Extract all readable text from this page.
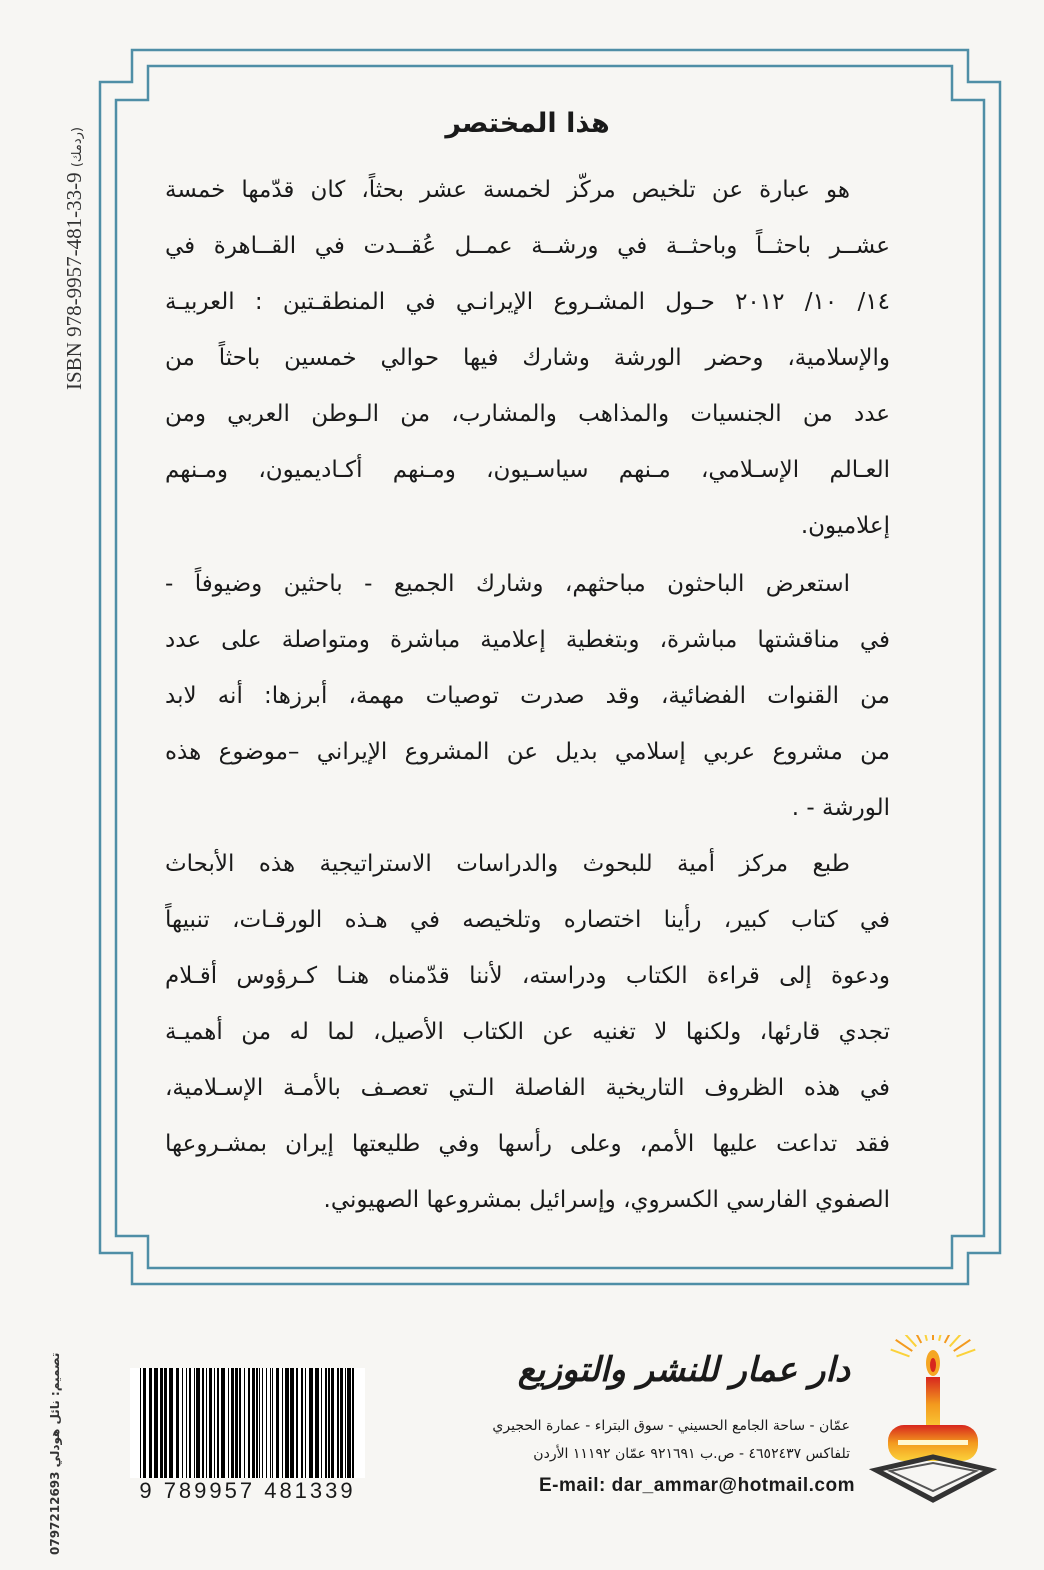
ISBN 978-9957-481-33-9 (ردمك)	هذا المختصر
هو عبارة عن تلخيص مركّز لخمسة عشر بحثاً، كان قدّمها خمسة
عشــر باحثــاً وباحثــة في ورشــة عمــل عُقــدت في القــاهرة في
١٤/ ١٠/ ٢٠١٢ حـول المشـروع الإيرانـي في المنطقـتين : العربيـة
والإسلامية، وحضر الورشة وشارك فيها حوالي خمسين باحثاً من
عدد من الجنسيات والمذاهب والمشارب، من الـوطن العربي ومن
العـالم الإسـلامي، مـنهم سياسـيون، ومـنهم أكـاديميون، ومـنهم
إعلاميون.
استعرض الباحثون مباحثهم، وشارك الجميع - باحثين وضيوفاً -
في مناقشتها مباشرة، وبتغطية إعلامية مباشرة ومتواصلة على عدد
من القنوات الفضائية، وقد صدرت توصيات مهمة، أبرزها: أنه لابد
من مشروع عربي إسلامي بديل عن المشروع الإيراني –موضوع هذه
الورشة - .
طبع مركز أمية للبحوث والدراسات الاستراتيجية هذه الأبحاث
في كتاب كبير، رأينا اختصاره وتلخيصه في هـذه الورقـات، تنبيهاً
ودعوة إلى قراءة الكتاب ودراسته، لأننا قدّمناه هنـا كـرؤوس أقـلام
تجدي قارئها، ولكنها لا تغنيه عن الكتاب الأصيل، لما له من أهميـة
في هذه الظروف التاريخية الفاصلة الـتي تعصـف بالأمـة الإسـلامية،
فقد تداعت عليها الأمم، وعلى رأسها وفي طليعتها إيران بمشـروعها
الصفوي الفارسي الكسروي، وإسرائيل بمشروعها الصهيوني.
تصميم: نائل هودلي 0797212693
9 789957 481339
دار عمار للنشر والتوزيع
عمّان - ساحة الجامع الحسيني - سوق البتراء - عمارة الحجيري
تلفاكس ٤٦٥٢٤٣٧ - ص.ب ٩٢١٦٩١ عمّان ١١١٩٢ الأردن
E-mail: dar_ammar@hotmail.com
